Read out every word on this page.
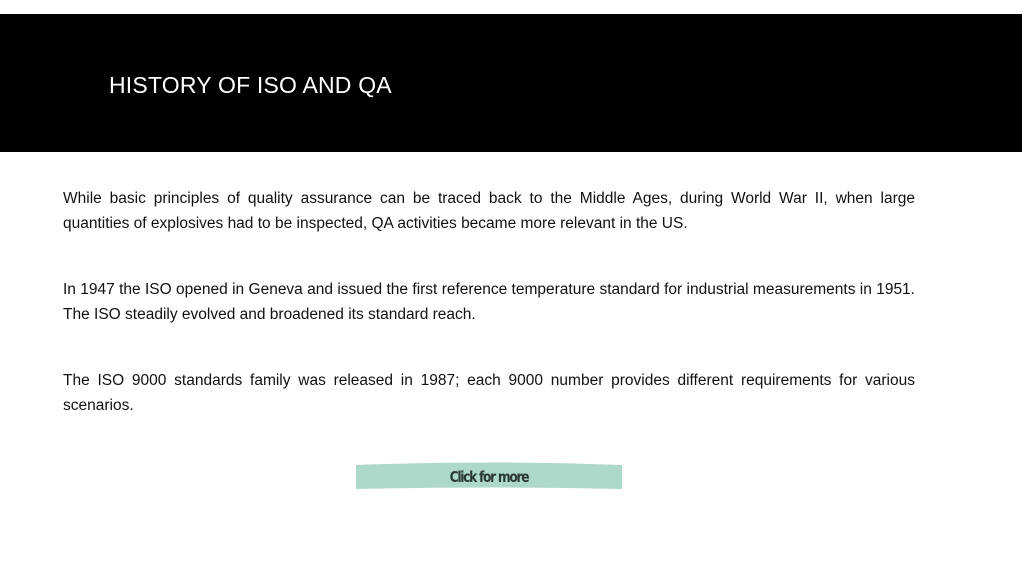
HISTORY OF ISO AND QA

While basic principles of quality assurance can be traced back to the Middle Ages, during World War II, when large quantities of explosives had to be inspected, QA activities became more relevant in the US.

In 1947 the ISO opened in Geneva and issued the first reference temperature standard for industrial measurements in 1951. The ISO steadily evolved and broadened its standard reach.

The ISO 9000 standards family was released in 1987; each 9000 number provides different requirements for various scenarios.

Click for more
